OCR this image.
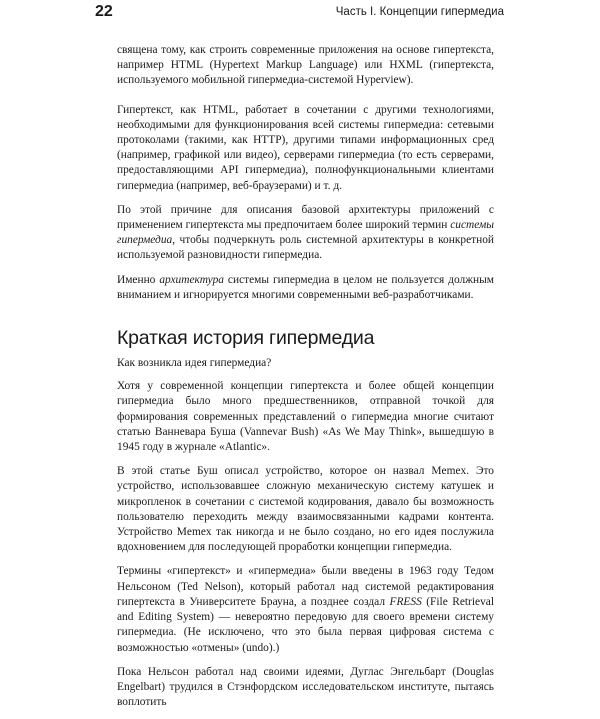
22	Часть I. Концепции гипермедиа

священа тому, как строить современные приложения на основе гипертекста, например HTML (Hypertext Markup Language) или HXML (гипертекста, используемого мобильной гипермедиа-системой Hyperview).

Гипертекст, как HTML, работает в сочетании с другими технологиями, необходимыми для функционирования всей системы гипермедиа: сетевыми протоколами (такими, как HTTP), другими типами информационных сред (например, графикой или видео), серверами гипермедиа (то есть серверами, предоставляющими API гипермедиа), полнофункциональными клиентами гипермедиа (например, веб-браузерами) и т. д.

По этой причине для описания базовой архитектуры приложений с применением гипертекста мы предпочитаем более широкий термин системы гипермедиа, чтобы подчеркнуть роль системной архитектуры в конкретной используемой разновидности гипермедиа.

Именно архитектура системы гипермедиа в целом не пользуется должным вниманием и игнорируется многими современными веб-разработчиками.

Краткая история гипермедиа

Как возникла идея гипермедиа?

Хотя у современной концепции гипертекста и более общей концепции гипермедиа было много предшественников, отправной точкой для формирования современных представлений о гипермедиа многие считают статью Ванневара Буша (Vannevar Bush) «As We May Think», вышедшую в 1945 году в журнале «Atlantic».

В этой статье Буш описал устройство, которое он назвал Memex. Это устройство, использовавшее сложную механическую систему катушек и микропленок в сочетании с системой кодирования, давало бы возможность пользователю переходить между взаимосвязанными кадрами контента. Устройство Memex так никогда и не было создано, но его идея послужила вдохновением для последующей проработки концепции гипермедиа.

Термины «гипертекст» и «гипермедиа» были введены в 1963 году Тедом Нельсоном (Ted Nelson), который работал над системой редактирования гипертекста в Университете Брауна, а позднее создал FRESS (File Retrieval and Editing System) — невероятно передовую для своего времени систему гипермедиа. (Не исключено, что это была первая цифровая система с возможностью «отмены» (undo).)

Пока Нельсон работал над своими идеями, Дуглас Энгельбарт (Douglas Engelbart) трудился в Стэнфордском исследовательском институте, пытаясь воплотить
